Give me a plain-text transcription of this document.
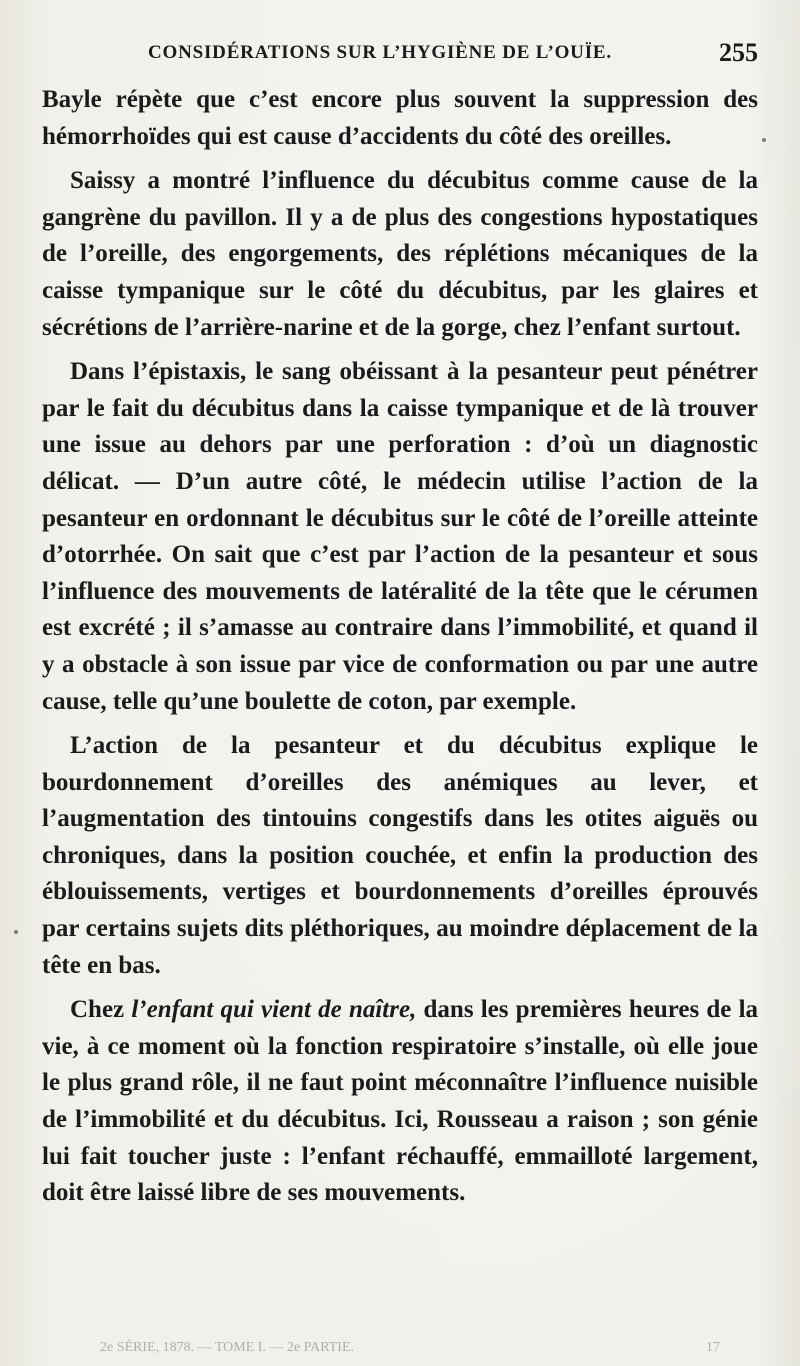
CONSIDÉRATIONS SUR L’HYGIÈNE DE L’OUÏE.	255

Bayle répète que c’est encore plus souvent la suppression des hémorrhoïdes qui est cause d’accidents du côté des oreilles.

Saissy a montré l’influence du décubitus comme cause de la gangrène du pavillon. Il y a de plus des congestions hypostatiques de l’oreille, des engorgements, des réplétions mécaniques de la caisse tympanique sur le côté du décubitus, par les glaires et sécrétions de l’arrière-narine et de la gorge, chez l’enfant surtout.

Dans l’épistaxis, le sang obéissant à la pesanteur peut pénétrer par le fait du décubitus dans la caisse tympanique et de là trouver une issue au dehors par une perforation : d’où un diagnostic délicat. — D’un autre côté, le médecin utilise l’action de la pesanteur en ordonnant le décubitus sur le côté de l’oreille atteinte d’otorrhée. On sait que c’est par l’action de la pesanteur et sous l’influence des mouvements de latéralité de la tête que le cérumen est excrété ; il s’amasse au contraire dans l’immobilité, et quand il y a obstacle à son issue par vice de conformation ou par une autre cause, telle qu’une boulette de coton, par exemple.

L’action de la pesanteur et du décubitus explique le bourdonnement d’oreilles des anémiques au lever, et l’augmentation des tintouins congestifs dans les otites aiguës ou chroniques, dans la position couchée, et enfin la production des éblouissements, vertiges et bourdonnements d’oreilles éprouvés par certains sujets dits pléthoriques, au moindre déplacement de la tête en bas.

Chez l’enfant qui vient de naître, dans les premières heures de la vie, à ce moment où la fonction respiratoire s’installe, où elle joue le plus grand rôle, il ne faut point méconnaître l’influence nuisible de l’immobilité et du décubitus. Ici, Rousseau a raison ; son génie lui fait toucher juste : l’enfant réchauffé, emmailloté largement, doit être laissé libre de ses mouvements.

2e SÉRIE, 1878. — TOME I. — 2e PARTIE.	17
